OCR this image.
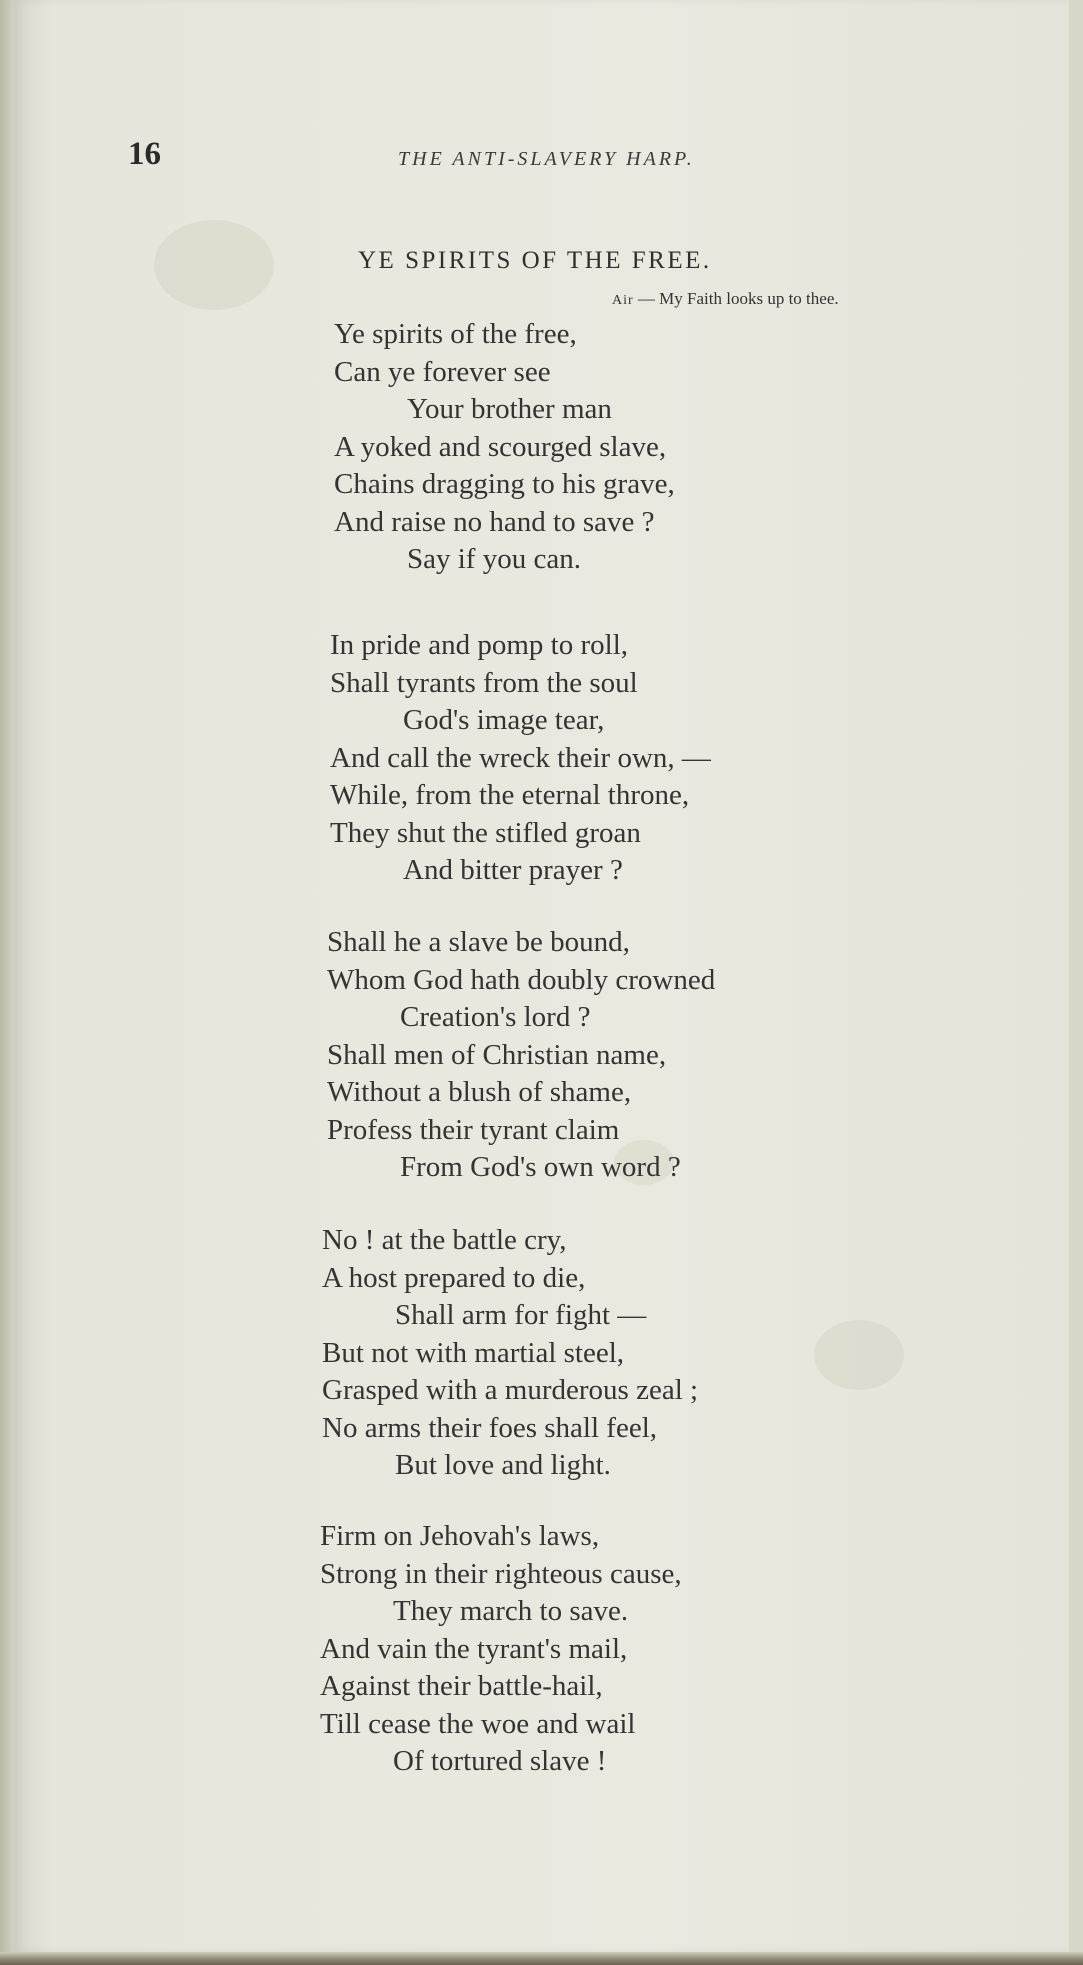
16	THE ANTI-SLAVERY HARP.
YE SPIRITS OF THE FREE.
Air — My Faith looks up to thee.
Ye spirits of the free,
Can ye forever see
Your brother man
A yoked and scourged slave,
Chains dragging to his grave,
And raise no hand to save ?
Say if you can.
In pride and pomp to roll,
Shall tyrants from the soul
God's image tear,
And call the wreck their own, —
While, from the eternal throne,
They shut the stifled groan
And bitter prayer ?
Shall he a slave be bound,
Whom God hath doubly crowned
Creation's lord ?
Shall men of Christian name,
Without a blush of shame,
Profess their tyrant claim
From God's own word ?
No ! at the battle cry,
A host prepared to die,
Shall arm for fight —
But not with martial steel,
Grasped with a murderous zeal ;
No arms their foes shall feel,
But love and light.
Firm on Jehovah's laws,
Strong in their righteous cause,
They march to save.
And vain the tyrant's mail,
Against their battle-hail,
Till cease the woe and wail
Of tortured slave !
